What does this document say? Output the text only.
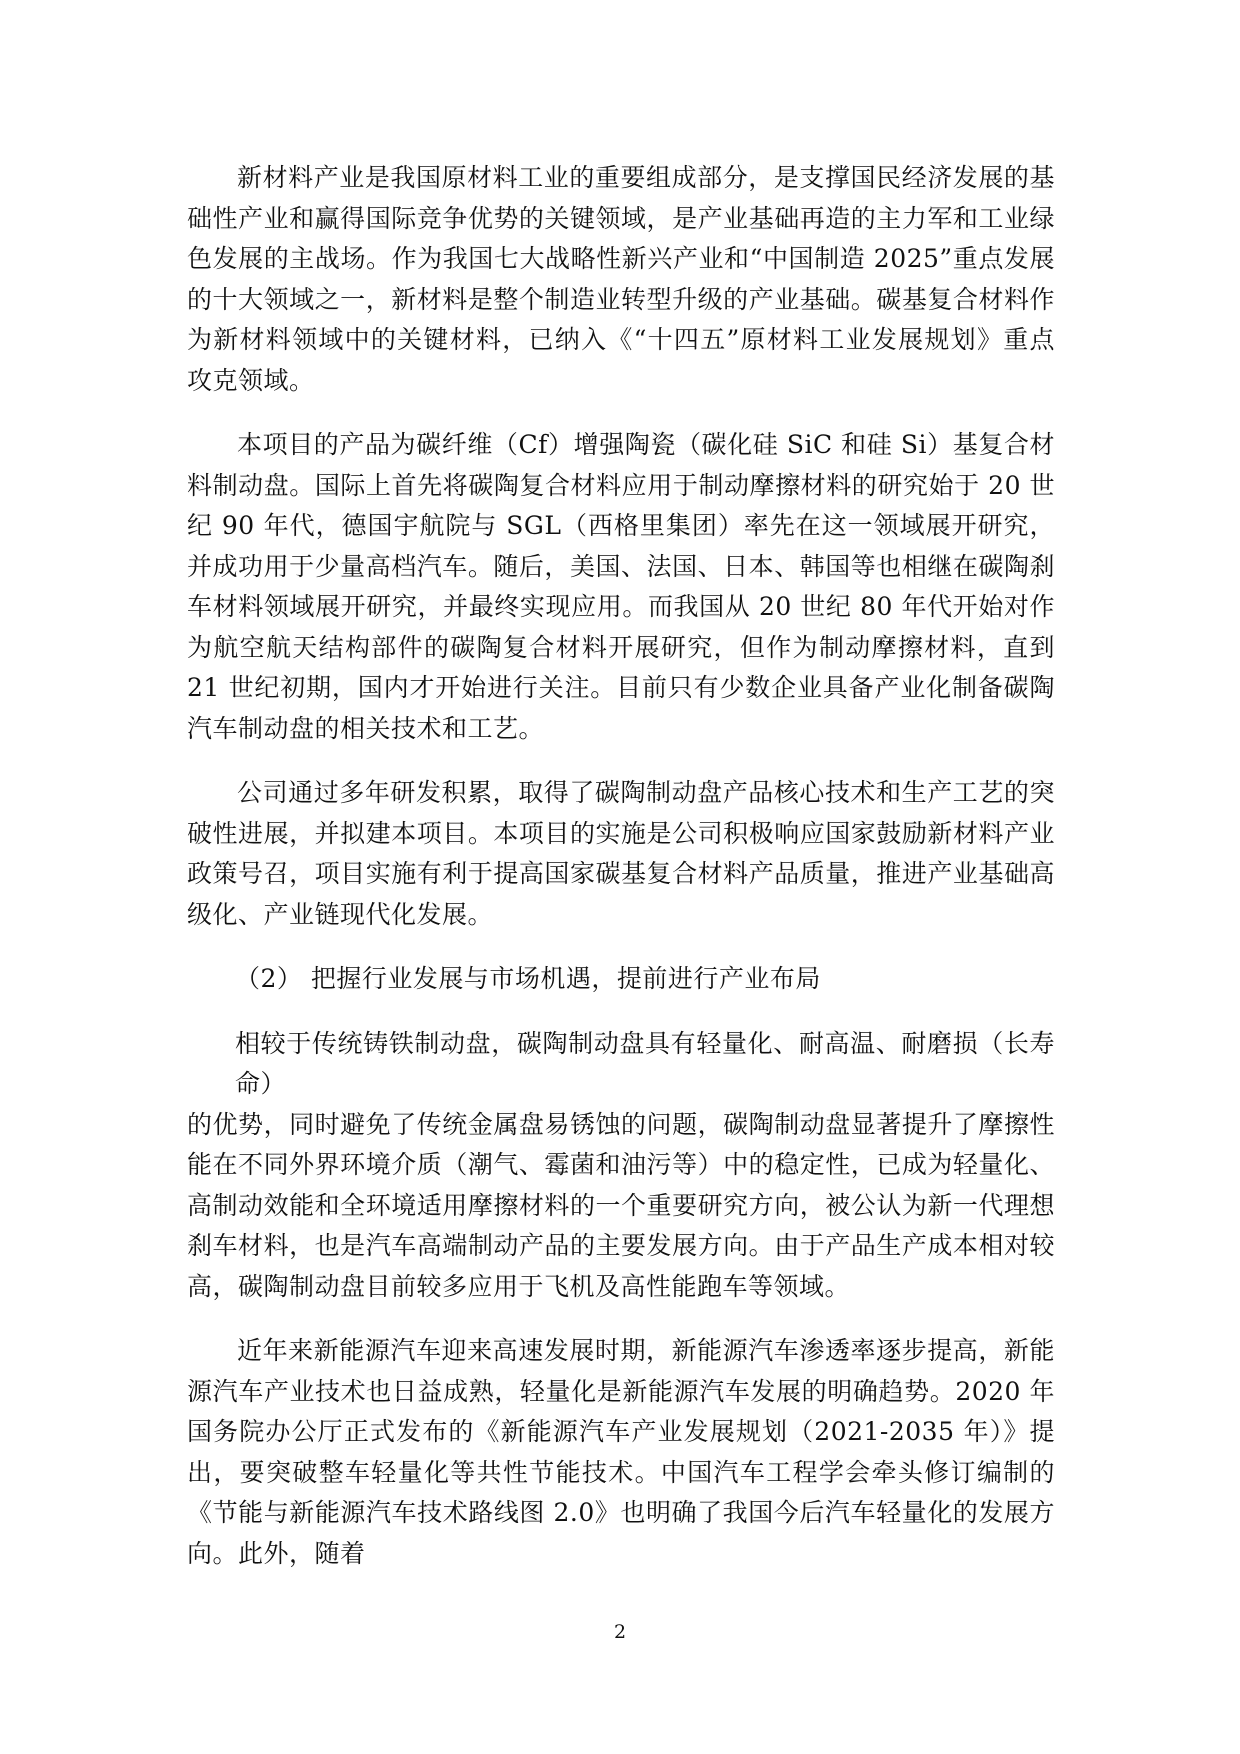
新材料产业是我国原材料工业的重要组成部分，是支撑国民经济发展的基础性产业和赢得国际竞争优势的关键领域，是产业基础再造的主力军和工业绿色发展的主战场。作为我国七大战略性新兴产业和“中国制造 2025”重点发展的十大领域之一，新材料是整个制造业转型升级的产业基础。碳基复合材料作为新材料领域中的关键材料，已纳入《“十四五”原材料工业发展规划》重点攻克领域。

本项目的产品为碳纤维（Cf）增强陶瓷（碳化硅 SiC 和硅 Si）基复合材料制动盘。国际上首先将碳陶复合材料应用于制动摩擦材料的研究始于 20 世纪 90 年代，德国宇航院与 SGL（西格里集团）率先在这一领域展开研究，并成功用于少量高档汽车。随后，美国、法国、日本、韩国等也相继在碳陶刹车材料领域展开研究，并最终实现应用。而我国从 20 世纪 80 年代开始对作为航空航天结构部件的碳陶复合材料开展研究，但作为制动摩擦材料，直到 21 世纪初期，国内才开始进行关注。目前只有少数企业具备产业化制备碳陶汽车制动盘的相关技术和工艺。

公司通过多年研发积累，取得了碳陶制动盘产品核心技术和生产工艺的突破性进展，并拟建本项目。本项目的实施是公司积极响应国家鼓励新材料产业政策号召，项目实施有利于提高国家碳基复合材料产品质量，推进产业基础高级化、产业链现代化发展。

（2） 把握行业发展与市场机遇，提前进行产业布局

相较于传统铸铁制动盘，碳陶制动盘具有轻量化、耐高温、耐磨损（长寿命）

的优势，同时避免了传统金属盘易锈蚀的问题，碳陶制动盘显著提升了摩擦性能在不同外界环境介质（潮气、霉菌和油污等）中的稳定性，已成为轻量化、高制动效能和全环境适用摩擦材料的一个重要研究方向，被公认为新一代理想刹车材料，也是汽车高端制动产品的主要发展方向。由于产品生产成本相对较高，碳陶制动盘目前较多应用于飞机及高性能跑车等领域。

近年来新能源汽车迎来高速发展时期，新能源汽车渗透率逐步提高，新能源汽车产业技术也日益成熟，轻量化是新能源汽车发展的明确趋势。2020 年国务院办公厅正式发布的《新能源汽车产业发展规划（2021-2035 年）》提出，要突破整车轻量化等共性节能技术。中国汽车工程学会牵头修订编制的《节能与新能源汽车技术路线图 2.0》也明确了我国今后汽车轻量化的发展方向。此外，随着

2
